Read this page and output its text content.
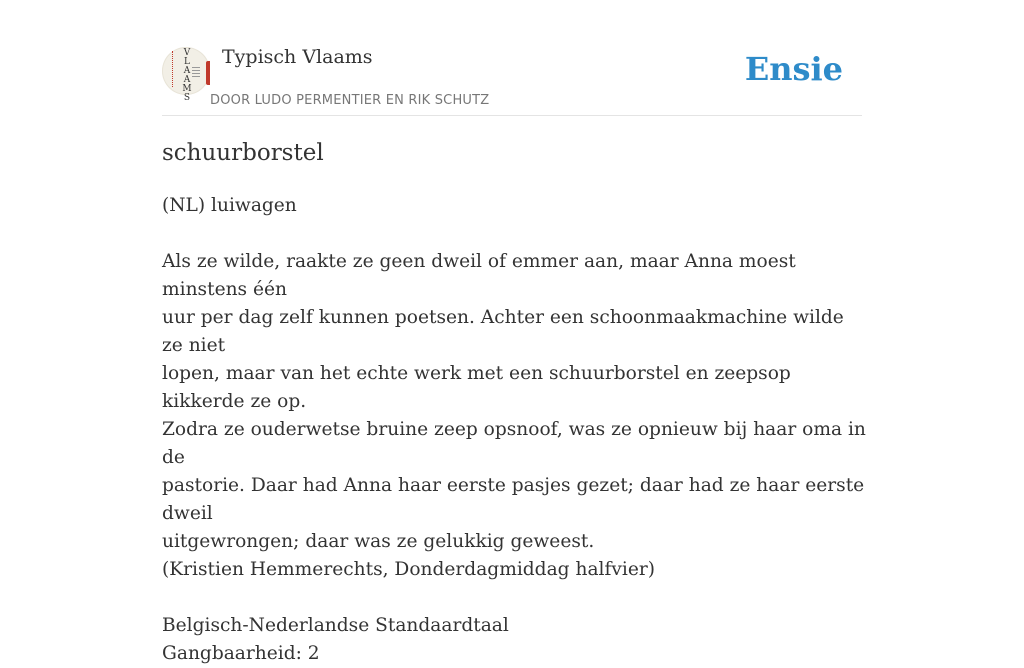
V
L
A
A
M
S
Typisch Vlaams
DOOR LUDO PERMENTIER EN RIK SCHUTZ
Ensie
schuurborstel

(NL) luiwagen

Als ze wilde, raakte ze geen dweil of emmer aan, maar Anna moest minstens één

uur per dag zelf kunnen poetsen. Achter een schoonmaakmachine wilde ze niet

lopen, maar van het echte werk met een schuurborstel en zeepsop kikkerde ze op.

Zodra ze ouderwetse bruine zeep opsnoof, was ze opnieuw bij haar oma in de

pastorie. Daar had Anna haar eerste pasjes gezet; daar had ze haar eerste dweil

uitgewrongen; daar was ze gelukkig geweest.

(Kristien Hemmerechts, Donderdagmiddag halfvier)

Belgisch-Nederlandse Standaardtaal

Gangbaarheid: 2
